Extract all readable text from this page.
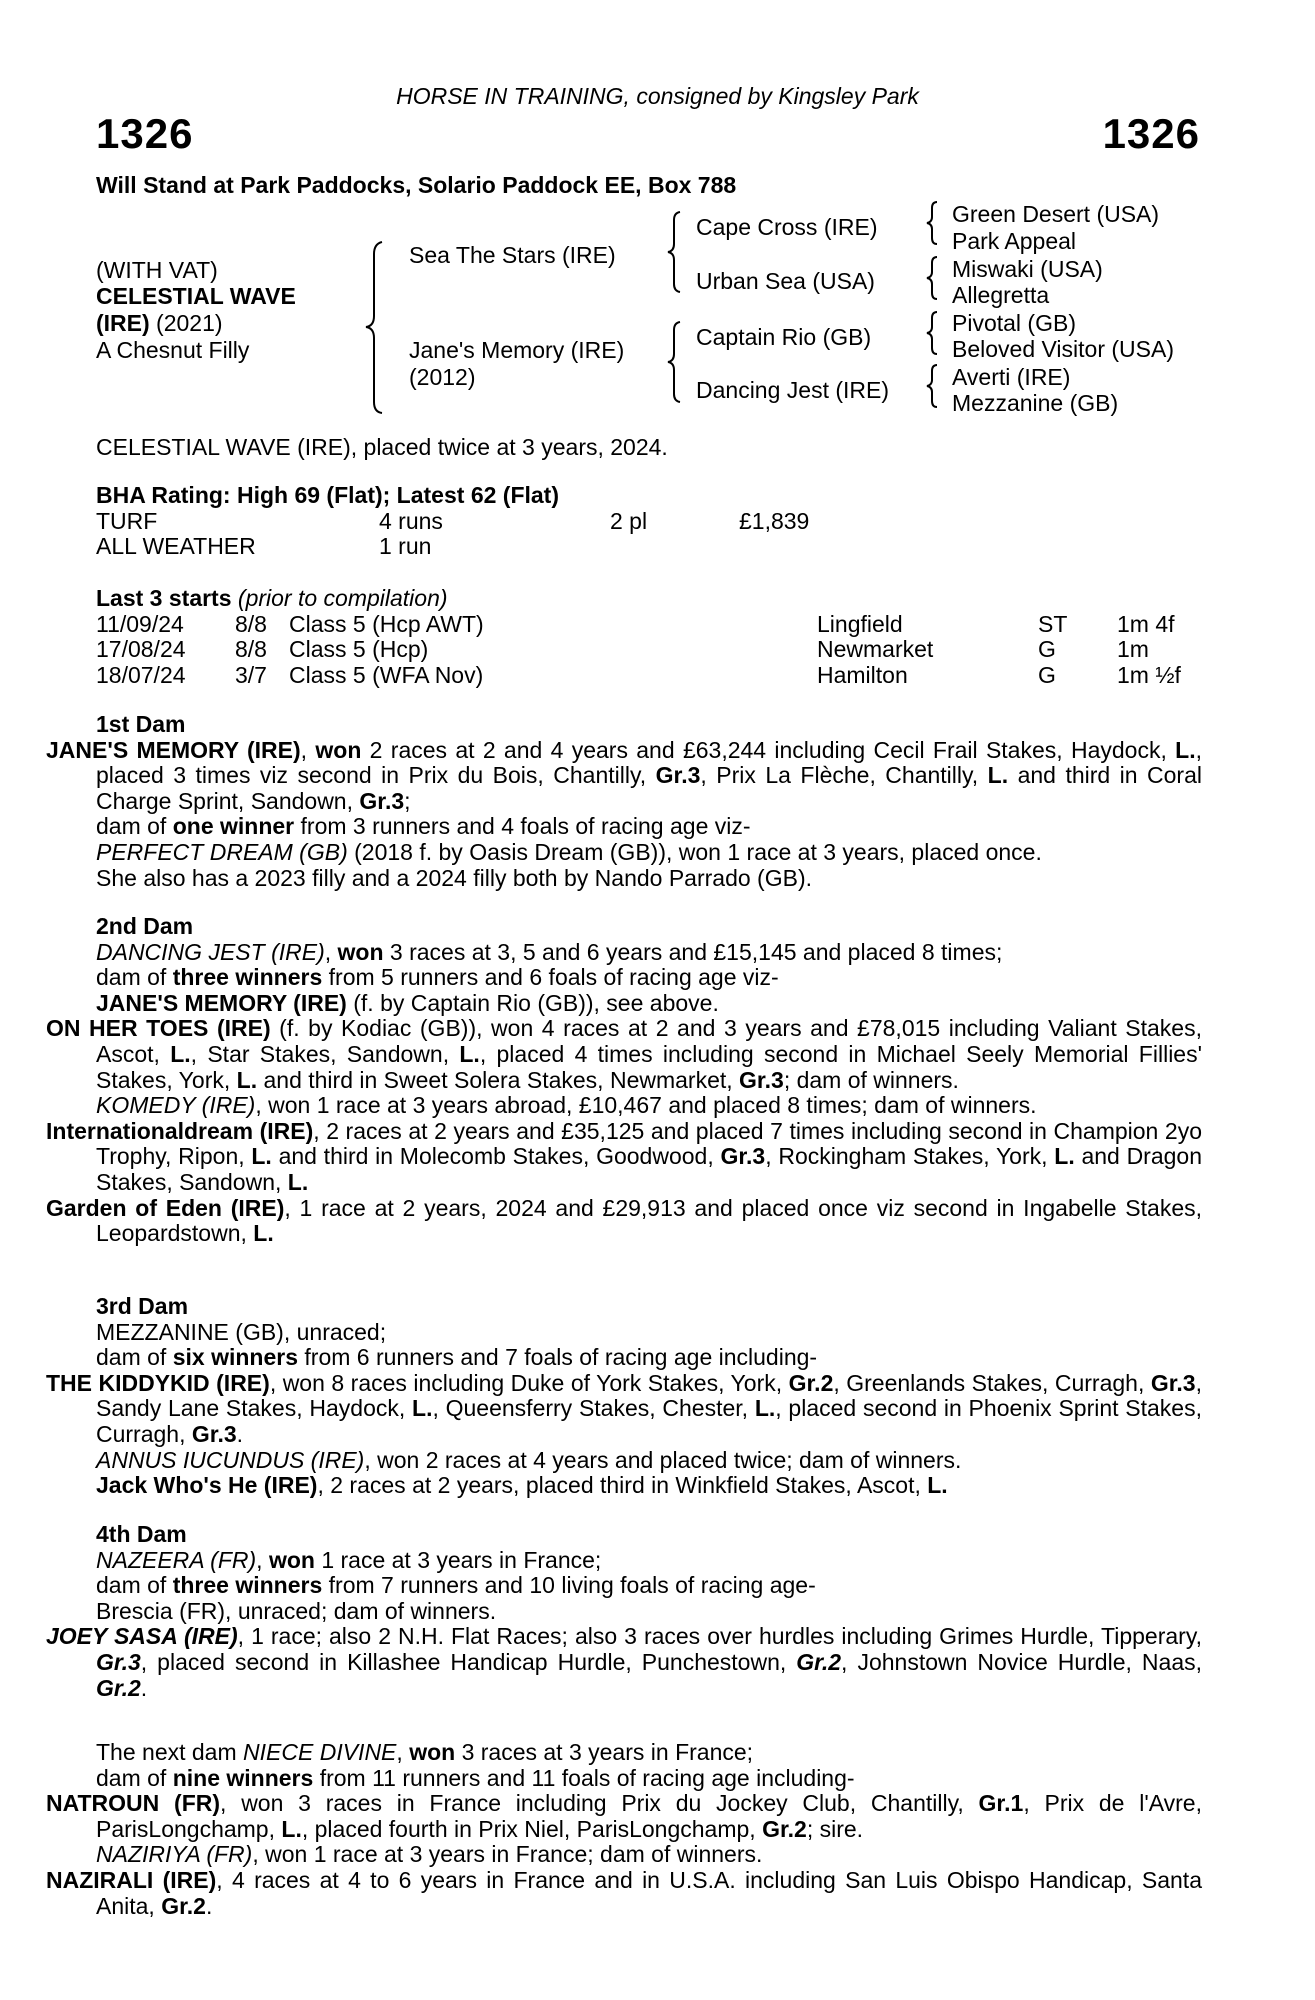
HORSE IN TRAINING, consigned by Kingsley Park
1326	1326
Will Stand at Park Paddocks, Solario Paddock EE, Box 788
(WITH VAT)
CELESTIAL WAVE
(IRE) (2021)
A Chesnut Filly
Sea The Stars (IRE)
Jane's Memory (IRE)
(2012)
Cape Cross (IRE)
Urban Sea (USA)
Captain Rio (GB)
Dancing Jest (IRE)
Green Desert (USA)
Park Appeal
Miswaki (USA)
Allegretta
Pivotal (GB)
Beloved Visitor (USA)
Averti (IRE)
Mezzanine (GB)
CELESTIAL WAVE (IRE), placed twice at 3 years, 2024.

BHA Rating: High 69 (Flat); Latest 62 (Flat)

TURF	4 runs	2 pl	£1,839
ALL WEATHER	1 run

Last 3 starts (prior to compilation)

11/09/24 8/8 Class 5 (Hcp AWT)	Lingfield	ST 1m 4f
17/08/24 8/8 Class 5 (Hcp)	Newmarket	G	1m
18/07/24 3/7 Class 5 (WFA Nov)	Hamilton	G	1m ½f

1st Dam

JANE'S MEMORY (IRE), won 2 races at 2 and 4 years and £63,244 including Cecil Frail Stakes, Haydock, L., placed 3 times viz second in Prix du Bois, Chantilly, Gr.3, Prix La Flèche, Chantilly, L. and third in Coral Charge Sprint, Sandown, Gr.3;

dam of one winner from 3 runners and 4 foals of racing age viz-

PERFECT DREAM (GB) (2018 f. by Oasis Dream (GB)), won 1 race at 3 years, placed once.

She also has a 2023 filly and a 2024 filly both by Nando Parrado (GB).

2nd Dam

DANCING JEST (IRE), won 3 races at 3, 5 and 6 years and £15,145 and placed 8 times;

dam of three winners from 5 runners and 6 foals of racing age viz-

JANE'S MEMORY (IRE) (f. by Captain Rio (GB)), see above.

ON HER TOES (IRE) (f. by Kodiac (GB)), won 4 races at 2 and 3 years and £78,015 including Valiant Stakes, Ascot, L., Star Stakes, Sandown, L., placed 4 times including second in Michael Seely Memorial Fillies' Stakes, York, L. and third in Sweet Solera Stakes, Newmarket, Gr.3; dam of winners.

KOMEDY (IRE), won 1 race at 3 years abroad, £10,467 and placed 8 times; dam of winners.

Internationaldream (IRE), 2 races at 2 years and £35,125 and placed 7 times including second in Champion 2yo Trophy, Ripon, L. and third in Molecomb Stakes, Goodwood, Gr.3, Rockingham Stakes, York, L. and Dragon Stakes, Sandown, L.

Garden of Eden (IRE), 1 race at 2 years, 2024 and £29,913 and placed once viz second in Ingabelle Stakes, Leopardstown, L.

3rd Dam

MEZZANINE (GB), unraced;

dam of six winners from 6 runners and 7 foals of racing age including-

THE KIDDYKID (IRE), won 8 races including Duke of York Stakes, York, Gr.2, Greenlands Stakes, Curragh, Gr.3, Sandy Lane Stakes, Haydock, L., Queensferry Stakes, Chester, L., placed second in Phoenix Sprint Stakes, Curragh, Gr.3.

ANNUS IUCUNDUS (IRE), won 2 races at 4 years and placed twice; dam of winners.

Jack Who's He (IRE), 2 races at 2 years, placed third in Winkfield Stakes, Ascot, L.

4th Dam

NAZEERA (FR), won 1 race at 3 years in France;

dam of three winners from 7 runners and 10 living foals of racing age-

Brescia (FR), unraced; dam of winners.

JOEY SASA (IRE), 1 race; also 2 N.H. Flat Races; also 3 races over hurdles including Grimes Hurdle, Tipperary, Gr.3, placed second in Killashee Handicap Hurdle, Punchestown, Gr.2, Johnstown Novice Hurdle, Naas, Gr.2.

The next dam NIECE DIVINE, won 3 races at 3 years in France;

dam of nine winners from 11 runners and 11 foals of racing age including-

NATROUN (FR), won 3 races in France including Prix du Jockey Club, Chantilly, Gr.1, Prix de l'Avre, ParisLongchamp, L., placed fourth in Prix Niel, ParisLongchamp, Gr.2; sire.

NAZIRIYA (FR), won 1 race at 3 years in France; dam of winners.

NAZIRALI (IRE), 4 races at 4 to 6 years in France and in U.S.A. including San Luis Obispo Handicap, Santa Anita, Gr.2.
